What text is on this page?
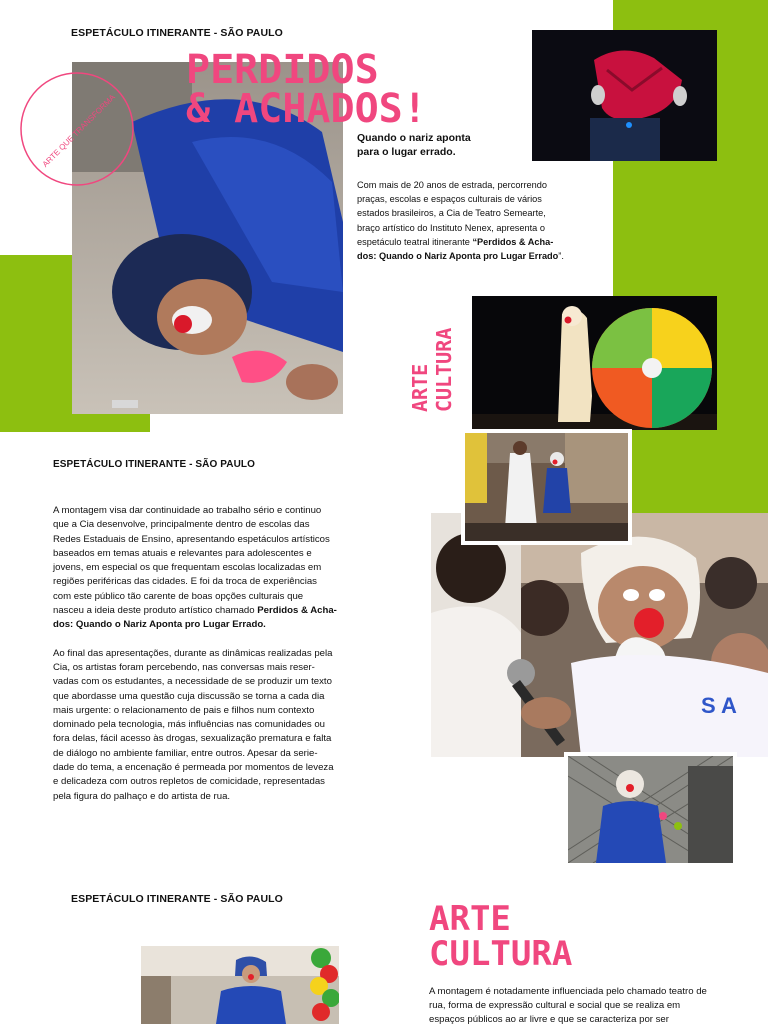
ESPETÁCULO ITINERANTE - SÃO PAULO
ARTE QUE TRANSFORMA
PERDIDOS
& ACHADOS!
Quando o nariz aponta
para o lugar errado.
Com mais de 20 anos de estrada, percorrendo
praças, escolas e espaços culturais de vários
estados brasileiros, a Cia de Teatro Semearte,
braço artístico do Instituto Nenex, apresenta o
espetáculo teatral itinerante “Perdidos & Acha-
dos: Quando o Nariz Aponta pro Lugar Errado”.
ARTE CULTURA
ESPETÁCULO ITINERANTE - SÃO PAULO
A montagem visa dar continuidade ao trabalho sério e continuo
que a Cia desenvolve, principalmente dentro de escolas das
Redes Estaduais de Ensino, apresentando espetáculos artísticos
baseados em temas atuais e relevantes para adolescentes e
jovens, em especial os que frequentam escolas localizadas em
regiões periféricas das cidades. E foi da troca de experiências
com este público tão carente de boas opções culturais que
nasceu a ideia deste produto artístico chamado Perdidos & Acha-
dos: Quando o Nariz Aponta pro Lugar Errado.
Ao final das apresentações, durante as dinâmicas realizadas pela
Cia, os artistas foram percebendo, nas conversas mais reser-
vadas com os estudantes, a necessidade de se produzir um texto
que abordasse uma questão cuja discussão se torna a cada dia
mais urgente: o relacionamento de pais e filhos num contexto
dominado pela tecnologia, más influências nas comunidades ou
fora delas, fácil acesso às drogas, sexualização prematura e falta
de diálogo no ambiente familiar, entre outros. Apesar da serie-
dade do tema, a encenação é permeada por momentos de leveza
e delicadeza com outros repletos de comicidade, representadas
pela figura do palhaço e do artista de rua.
S A
ESPETÁCULO ITINERANTE - SÃO PAULO	ARTE
CULTURA
A montagem é notadamente influenciada pelo chamado teatro de
rua, forma de expressão cultural e social que se realiza em
espaços públicos ao ar livre e que se caracteriza por ser
